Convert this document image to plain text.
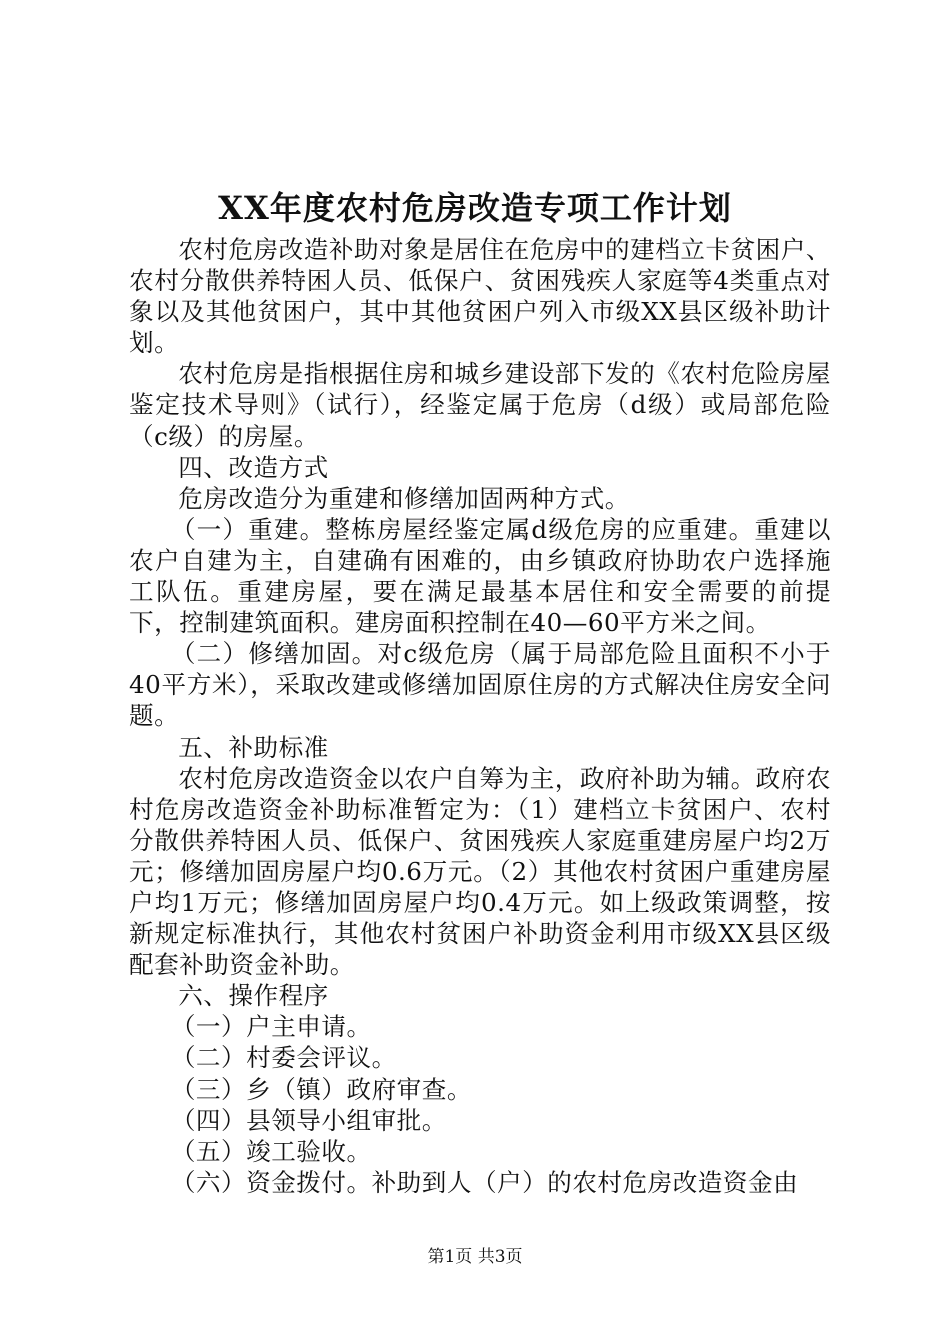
XX年度农村危房改造专项工作计划

农村危房改造补助对象是居住在危房中的建档立卡贫困户、农村分散供养特困人员、低保户、贫困残疾人家庭等4类重点对象以及其他贫困户，其中其他贫困户列入市级XX县区级补助计划。

农村危房是指根据住房和城乡建设部下发的《农村危险房屋鉴定技术导则》（试行），经鉴定属于危房（d级）或局部危险（c级）的房屋。

四、改造方式

危房改造分为重建和修缮加固两种方式。

（一）重建。整栋房屋经鉴定属d级危房的应重建。重建以农户自建为主，自建确有困难的，由乡镇政府协助农户选择施工队伍。重建房屋，要在满足最基本居住和安全需要的前提下，控制建筑面积。建房面积控制在40—60平方米之间。

（二）修缮加固。对c级危房（属于局部危险且面积不小于40平方米），采取改建或修缮加固原住房的方式解决住房安全问题。

五、补助标准

农村危房改造资金以农户自筹为主，政府补助为辅。政府农村危房改造资金补助标准暂定为：（1）建档立卡贫困户、农村分散供养特困人员、低保户、贫困残疾人家庭重建房屋户均2万元；修缮加固房屋户均0.6万元。（2）其他农村贫困户重建房屋户均1万元；修缮加固房屋户均0.4万元。如上级政策调整，按新规定标准执行，其他农村贫困户补助资金利用市级XX县区级配套补助资金补助。

六、操作程序

（一）户主申请。

（二）村委会评议。

（三）乡（镇）政府审查。

（四）县领导小组审批。

（五）竣工验收。

（六）资金拨付。补助到人（户）的农村危房改造资金由

第1页 共3页
